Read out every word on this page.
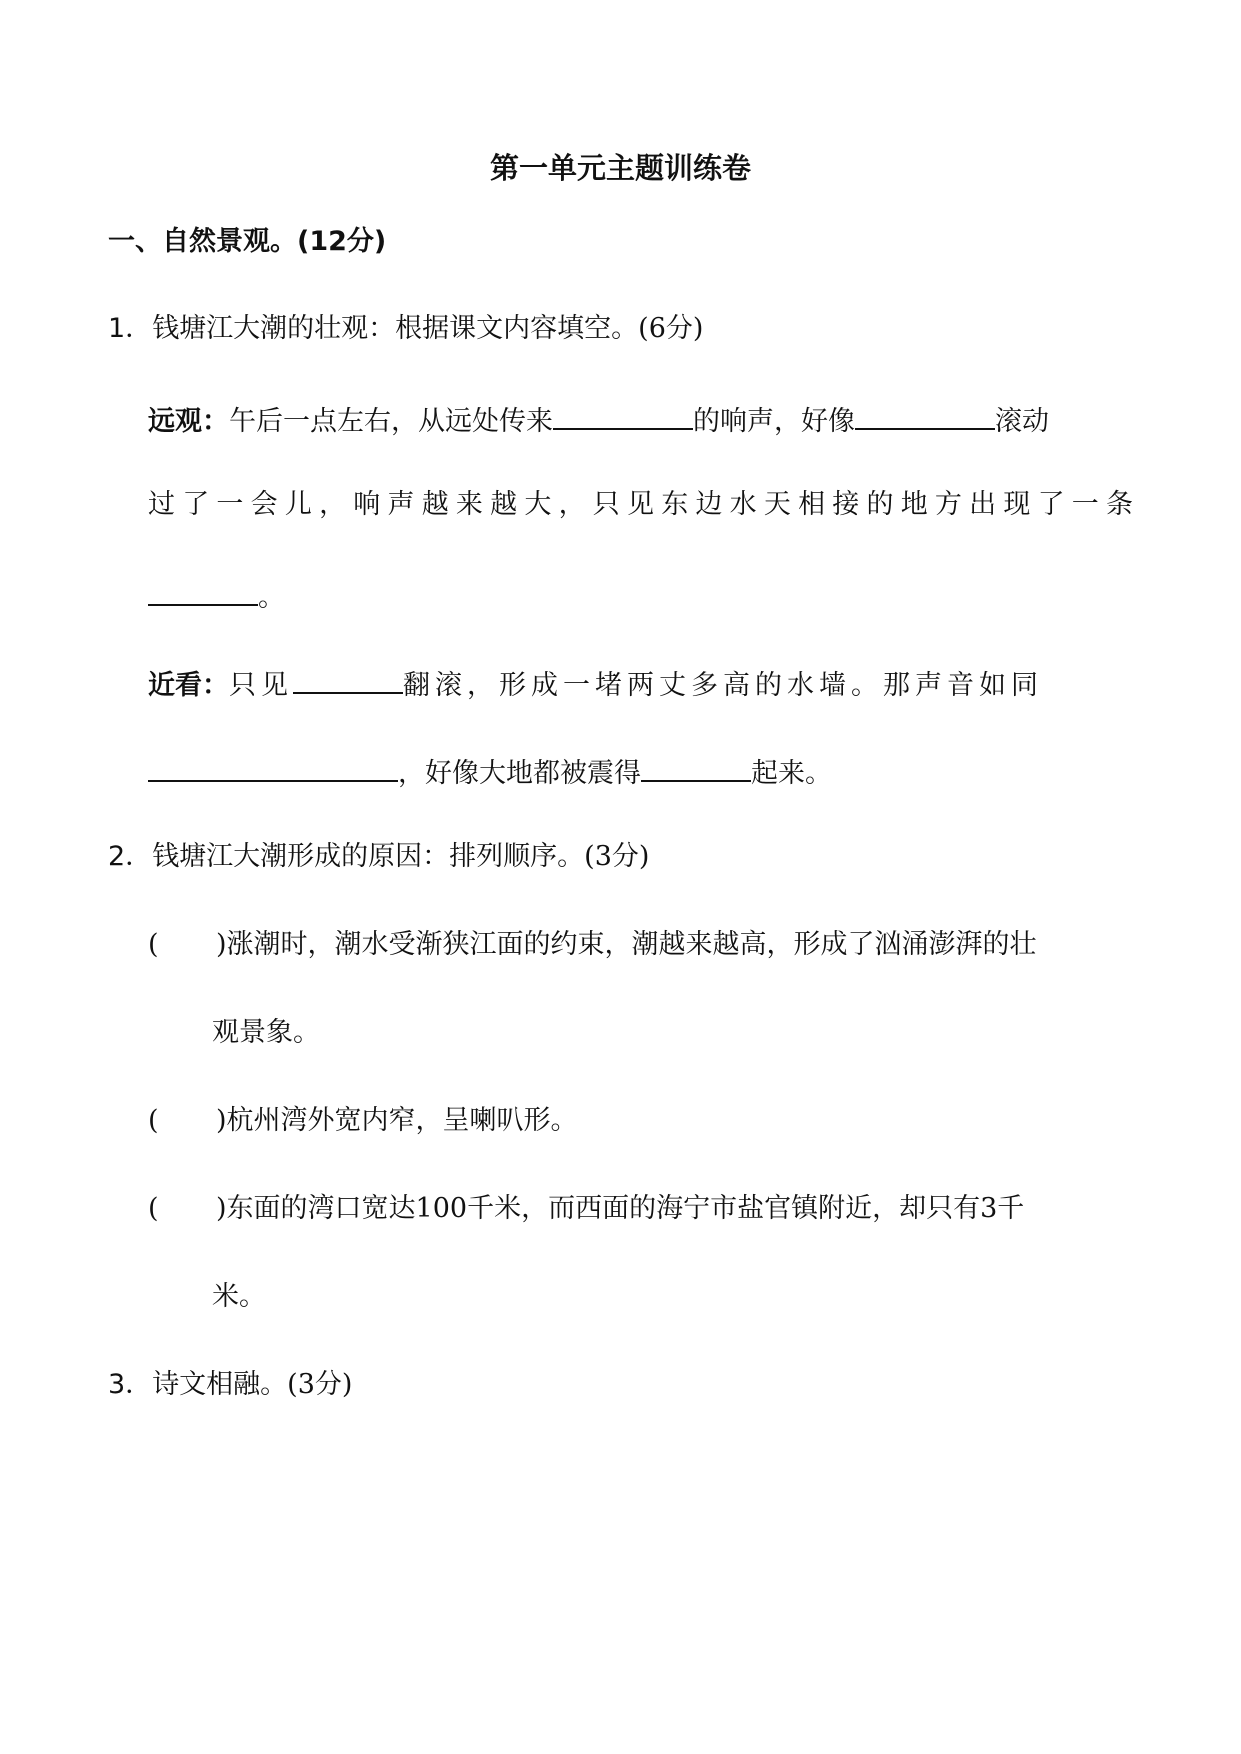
第一单元主题训练卷
一、自然景观。(12分)
1．钱塘江大潮的壮观：根据课文内容填空。(6分)
远观：午后一点左右，从远处传来	的响声，好像	滚动
过了一会儿，响声越来越大，只见东边水天相接的地方出现了一条
。
近看：只见	翻滚，形成一堵两丈多高的水墙。那声音如同
，好像大地都被震得	起来。
2．钱塘江大潮形成的原因：排列顺序。(3分)
( )涨潮时，潮水受渐狭江面的约束，潮越来越高，形成了汹涌澎湃的壮
观景象。
( )杭州湾外宽内窄，呈喇叭形。
( )东面的湾口宽达100千米，而西面的海宁市盐官镇附近，却只有3千
米。
3．诗文相融。(3分)
